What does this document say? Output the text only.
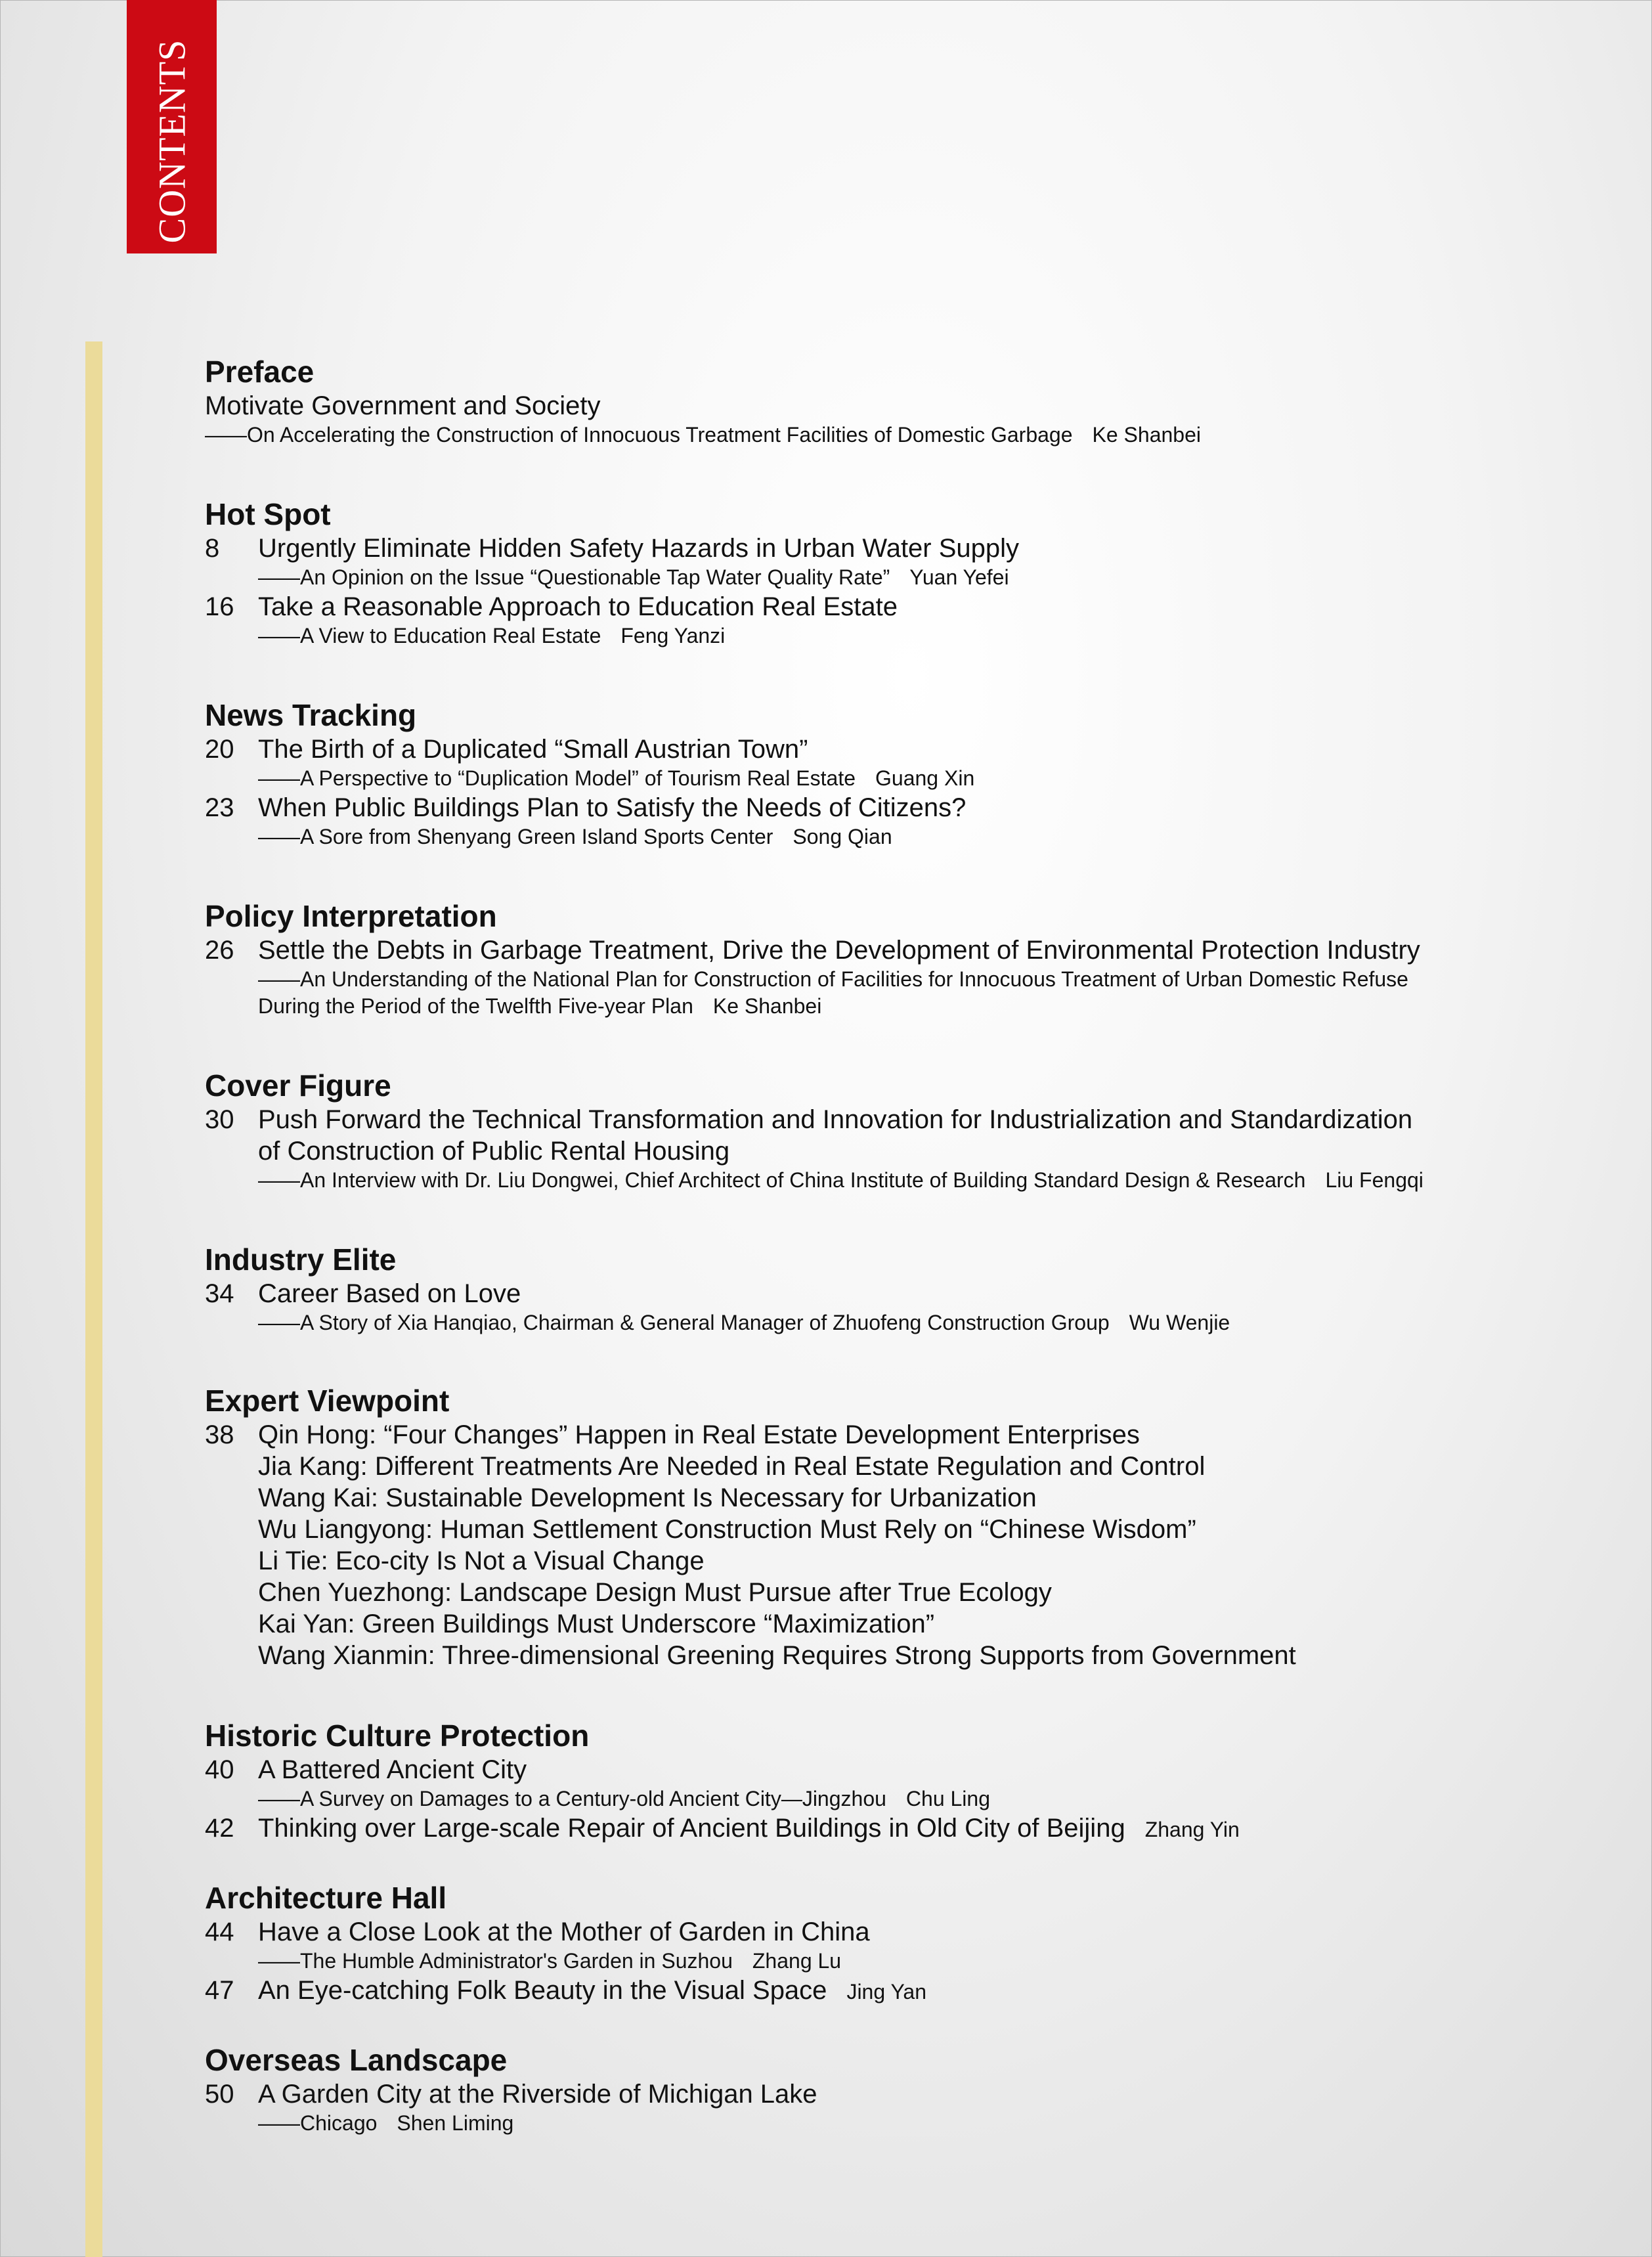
CONTENTS
Preface
Motivate Government and Society
——On Accelerating the Construction of Innocuous Treatment Facilities of Domestic Garbage Ke Shanbei
Hot Spot
8 Urgently Eliminate Hidden Safety Hazards in Urban Water Supply
——An Opinion on the Issue “Questionable Tap Water Quality Rate” Yuan Yefei
16 Take a Reasonable Approach to Education Real Estate
——A View to Education Real Estate Feng Yanzi
News Tracking
20 The Birth of a Duplicated “Small Austrian Town”
——A Perspective to “Duplication Model” of Tourism Real Estate Guang Xin
23 When Public Buildings Plan to Satisfy the Needs of Citizens?
——A Sore from Shenyang Green Island Sports Center Song Qian
Policy Interpretation
26 Settle the Debts in Garbage Treatment, Drive the Development of Environmental Protection Industry
——An Understanding of the National Plan for Construction of Facilities for Innocuous Treatment of Urban Domestic Refuse
During the Period of the Twelfth Five-year Plan Ke Shanbei
Cover Figure
30 Push Forward the Technical Transformation and Innovation for Industrialization and Standardization
of Construction of Public Rental Housing
——An Interview with Dr. Liu Dongwei, Chief Architect of China Institute of Building Standard Design & Research Liu Fengqi
Industry Elite
34 Career Based on Love
——A Story of Xia Hanqiao, Chairman & General Manager of Zhuofeng Construction Group Wu Wenjie
Expert Viewpoint
38 Qin Hong: “Four Changes” Happen in Real Estate Development Enterprises
Jia Kang: Different Treatments Are Needed in Real Estate Regulation and Control
Wang Kai: Sustainable Development Is Necessary for Urbanization
Wu Liangyong: Human Settlement Construction Must Rely on “Chinese Wisdom”
Li Tie: Eco-city Is Not a Visual Change
Chen Yuezhong: Landscape Design Must Pursue after True Ecology
Kai Yan: Green Buildings Must Underscore “Maximization”
Wang Xianmin: Three-dimensional Greening Requires Strong Supports from Government
Historic Culture Protection
40 A Battered Ancient City
——A Survey on Damages to a Century-old Ancient City—Jingzhou Chu Ling
42 Thinking over Large-scale Repair of Ancient Buildings in Old City of Beijing Zhang Yin
Architecture Hall
44 Have a Close Look at the Mother of Garden in China
——The Humble Administrator's Garden in Suzhou Zhang Lu
47 An Eye-catching Folk Beauty in the Visual Space Jing Yan
Overseas Landscape
50 A Garden City at the Riverside of Michigan Lake
——Chicago Shen Liming
